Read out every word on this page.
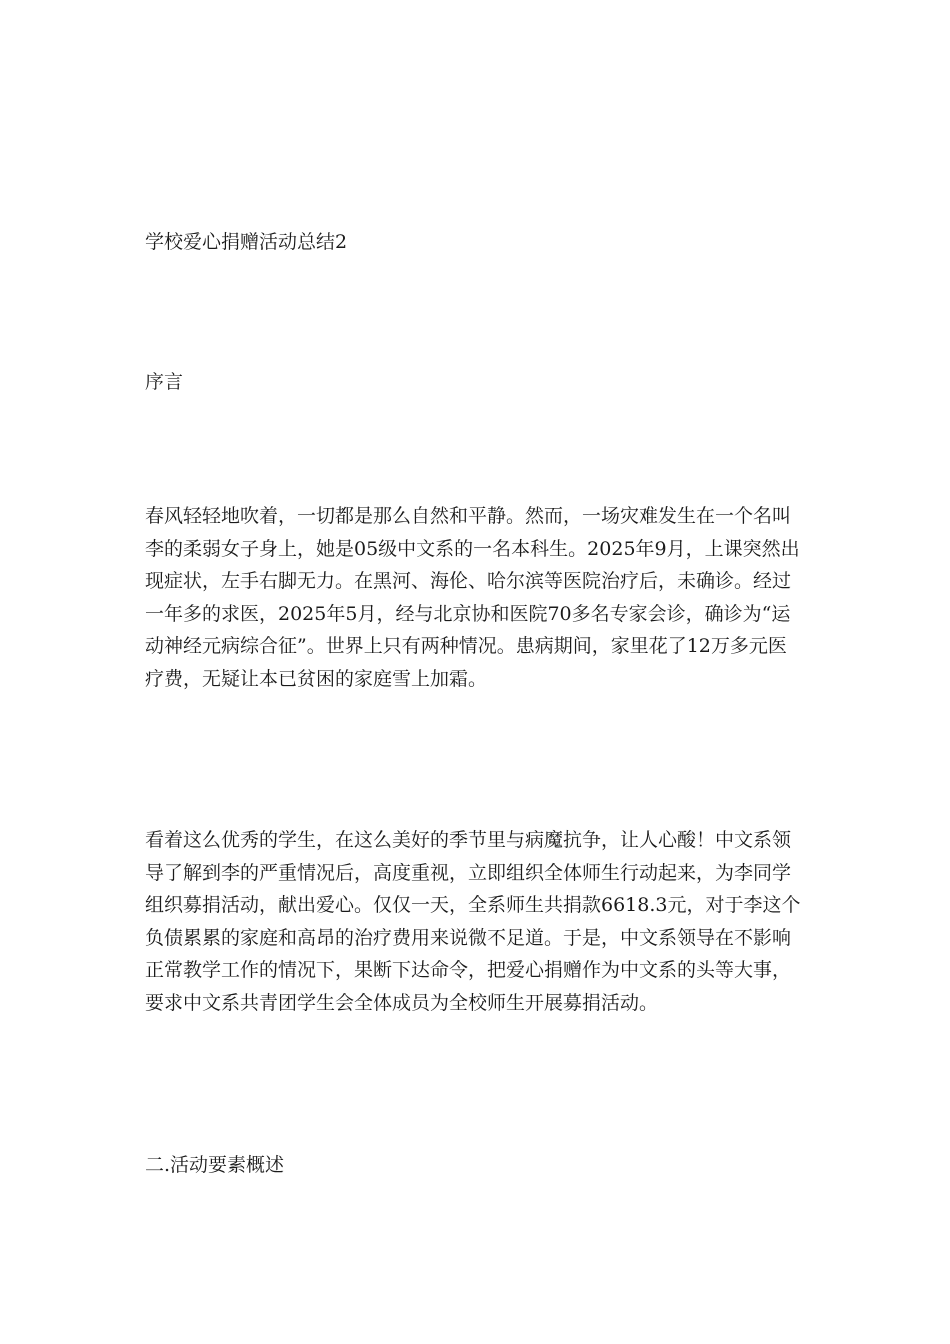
学校爱心捐赠活动总结2
序言

春风轻轻地吹着，一切都是那么自然和平静。然而，一场灾难发生在一个名叫

李的柔弱女子身上，她是05级中文系的一名本科生。2025年9月，上课突然出

现症状，左手右脚无力。在黑河、海伦、哈尔滨等医院治疗后，未确诊。经过

一年多的求医，2025年5月，经与北京协和医院70多名专家会诊，确诊为“运

动神经元病综合征”。世界上只有两种情况。患病期间，家里花了12万多元医

疗费，无疑让本已贫困的家庭雪上加霜。

看着这么优秀的学生，在这么美好的季节里与病魔抗争，让人心酸！中文系领

导了解到李的严重情况后，高度重视，立即组织全体师生行动起来，为李同学

组织募捐活动，献出爱心。仅仅一天，全系师生共捐款6618.3元，对于李这个

负债累累的家庭和高昂的治疗费用来说微不足道。于是，中文系领导在不影响

正常教学工作的情况下，果断下达命令，把爱心捐赠作为中文系的头等大事，

要求中文系共青团学生会全体成员为全校师生开展募捐活动。

二.活动要素概述
